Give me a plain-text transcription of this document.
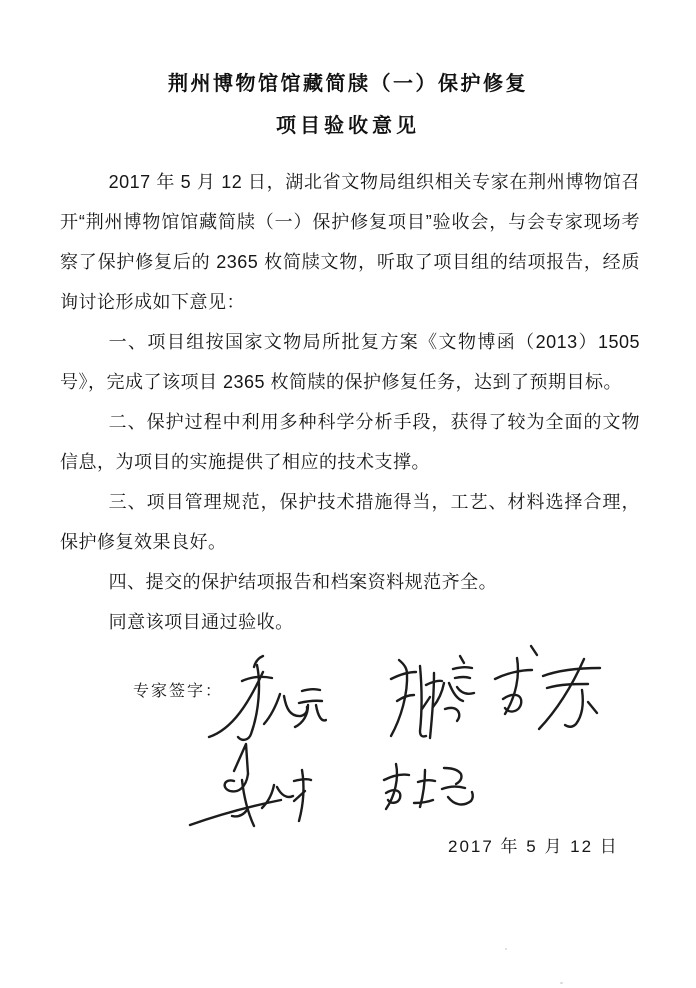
荆州博物馆馆藏简牍（一）保护修复
项目验收意见

2017 年 5 月 12 日，湖北省文物局组织相关专家在荆州博物馆召开“荆州博物馆馆藏简牍（一）保护修复项目”验收会，与会专家现场考察了保护修复后的 2365 枚简牍文物，听取了项目组的结项报告，经质询讨论形成如下意见：

一、项目组按国家文物局所批复方案《文物博函（2013）1505 号》，完成了该项目 2365 枚简牍的保护修复任务，达到了预期目标。

二、保护过程中利用多种科学分析手段，获得了较为全面的文物信息，为项目的实施提供了相应的技术支撑。

三、项目管理规范，保护技术措施得当，工艺、材料选择合理，保护修复效果良好。

四、提交的保护结项报告和档案资料规范齐全。

同意该项目通过验收。

专家签字：
2017 年 5 月 12 日
